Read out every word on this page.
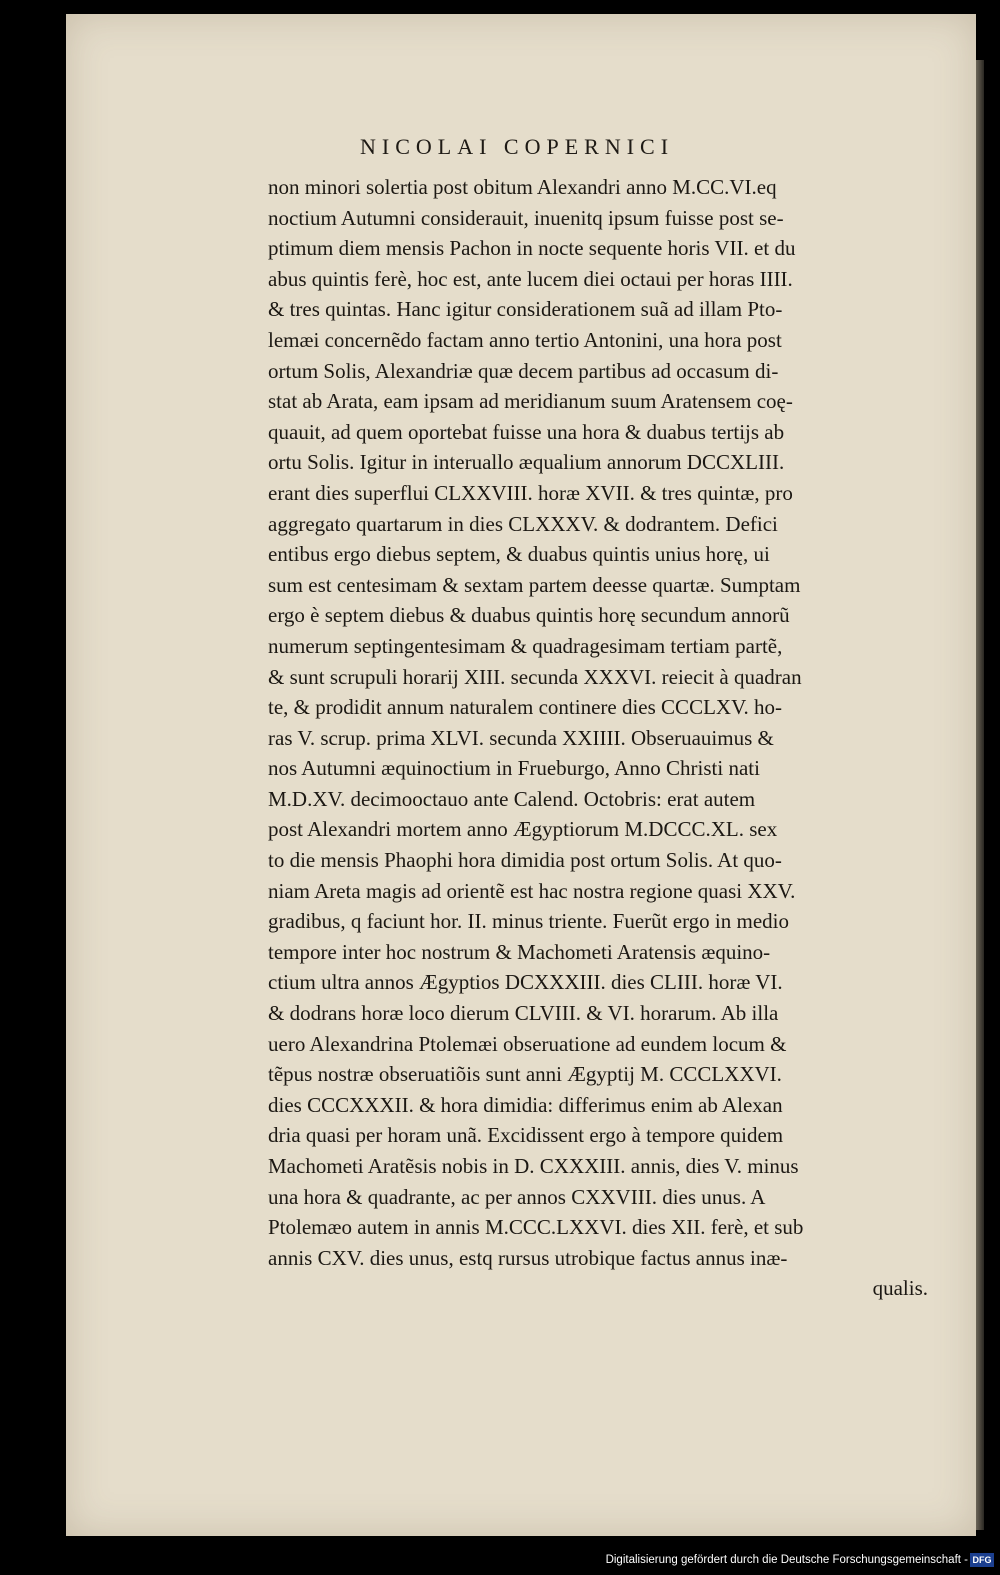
NICOLAI COPERNICI
non minori solertia post obitum Alexandri anno M.CC.VI.eq
noctium Autumni considerauit, inuenitq ipsum fuisse post se-
ptimum diem mensis Pachon in nocte sequente horis VII. et du
abus quintis ferè, hoc est, ante lucem diei octaui per horas IIII.
& tres quintas. Hanc igitur considerationem suã ad illam Pto-
lemæi concernẽdo factam anno tertio Antonini, una hora post
ortum Solis, Alexandriæ quæ decem partibus ad occasum di-
stat ab Arata, eam ipsam ad meridianum suum Aratensem coę-
quauit, ad quem oportebat fuisse una hora & duabus tertijs ab
ortu Solis. Igitur in interuallo æqualium annorum DCCXLIII.
erant dies superflui CLXXVIII. horæ XVII. & tres quintæ, pro
aggregato quartarum in dies CLXXXV. & dodrantem. Defici
entibus ergo diebus septem, & duabus quintis unius horę, ui
sum est centesimam & sextam partem deesse quartæ. Sumptam
ergo è septem diebus & duabus quintis horę secundum annorũ
numerum septingentesimam & quadragesimam tertiam partẽ,
& sunt scrupuli horarij XIII. secunda XXXVI. reiecit à quadran
te, & prodidit annum naturalem continere dies CCCLXV. ho-
ras V. scrup. prima XLVI. secunda XXIIII. Obseruauimus &
nos Autumni æquinoctium in Frueburgo, Anno Christi nati
M.D.XV. decimooctauo ante Calend. Octobris: erat autem
post Alexandri mortem anno Ægyptiorum M.DCCC.XL. sex
to die mensis Phaophi hora dimidia post ortum Solis. At quo-
niam Areta magis ad orientẽ est hac nostra regione quasi XXV.
gradibus, q faciunt hor. II. minus triente. Fuerũt ergo in medio
tempore inter hoc nostrum & Machometi Aratensis æquino-
ctium ultra annos Ægyptios DCXXXIII. dies CLIII. horæ VI.
& dodrans horæ loco dierum CLVIII. & VI. horarum. Ab illa
uero Alexandrina Ptolemæi obseruatione ad eundem locum &
tẽpus nostræ obseruatiõis sunt anni Ægyptij M. CCCLXXVI.
dies CCCXXXII. & hora dimidia: differimus enim ab Alexan
dria quasi per horam unã. Excidissent ergo à tempore quidem
Machometi Aratẽsis nobis in D. CXXXIII. annis, dies V. minus
una hora & quadrante, ac per annos CXXVIII. dies unus. A
Ptolemæo autem in annis M.CCC.LXXVI. dies XII. ferè, et sub
annis CXV. dies unus, estq rursus utrobique factus annus inæ-
qualis.
Digitalisierung gefördert durch die Deutsche Forschungsgemeinschaft - DFG
